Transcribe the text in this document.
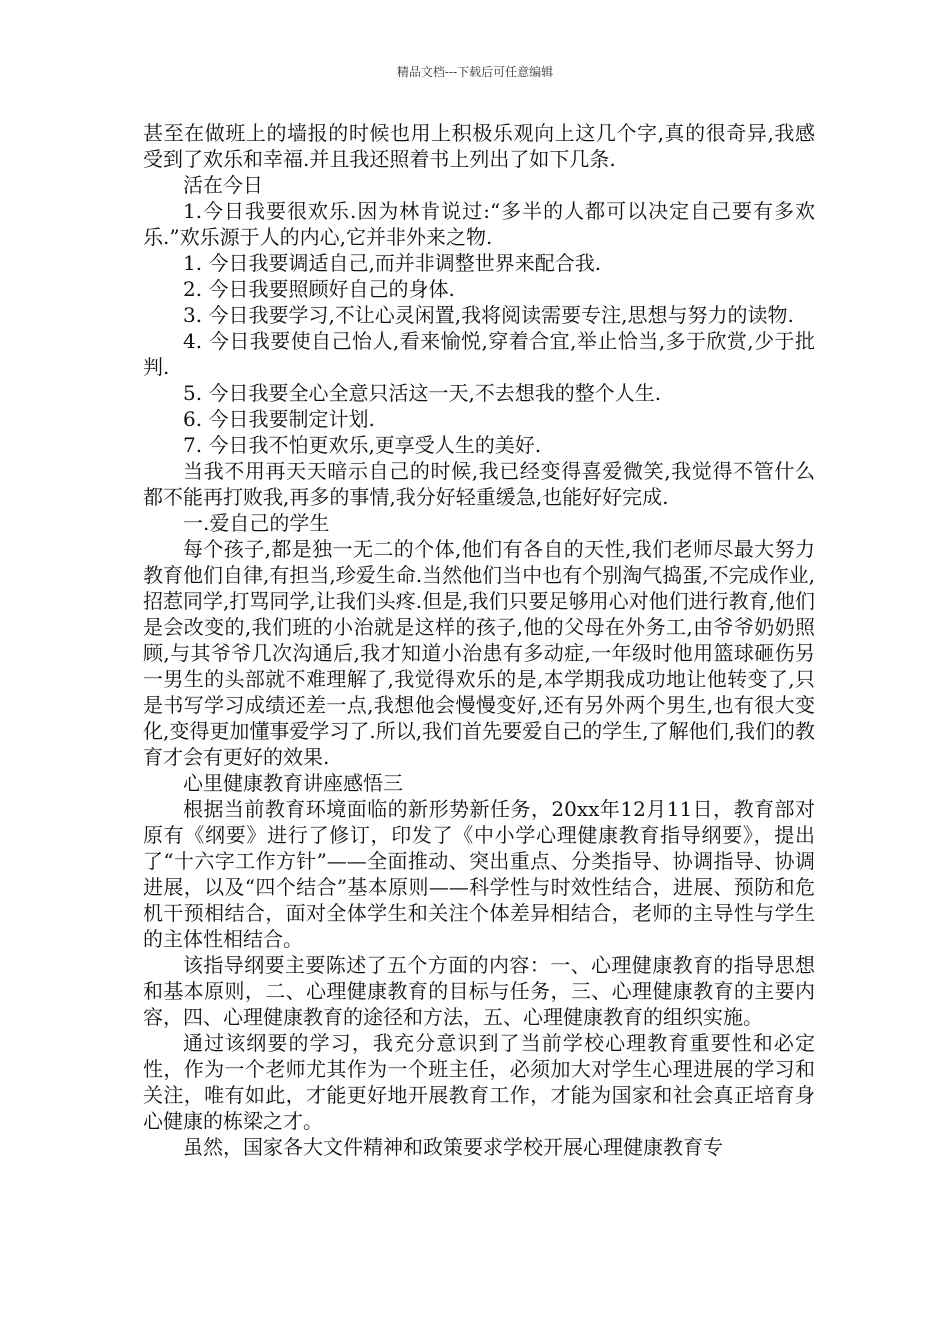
精品文档---下载后可任意编辑

甚至在做班上的墙报的时候也用上积极乐观向上这几个字,真的很奇异,我感受到了欢乐和幸福.并且我还照着书上列出了如下几条.

活在今日

1.今日我要很欢乐.因为林肯说过:“多半的人都可以决定自己要有多欢乐.”欢乐源于人的内心,它并非外来之物.

1. 今日我要调适自己,而并非调整世界来配合我.

2. 今日我要照顾好自己的身体.

3. 今日我要学习,不让心灵闲置,我将阅读需要专注,思想与努力的读物.

4. 今日我要使自己怡人,看来愉悦,穿着合宜,举止恰当,多于欣赏,少于批判.

5. 今日我要全心全意只活这一天,不去想我的整个人生.

6. 今日我要制定计划.

7. 今日我不怕更欢乐,更享受人生的美好.

当我不用再天天暗示自己的时候,我已经变得喜爱微笑,我觉得不管什么都不能再打败我,再多的事情,我分好轻重缓急,也能好好完成.

一.爱自己的学生

每个孩子,都是独一无二的个体,他们有各自的天性,我们老师尽最大努力教育他们自律,有担当,珍爱生命.当然他们当中也有个别淘气捣蛋,不完成作业,招惹同学,打骂同学,让我们头疼.但是,我们只要足够用心对他们进行教育,他们是会改变的,我们班的小治就是这样的孩子,他的父母在外务工,由爷爷奶奶照顾,与其爷爷几次沟通后,我才知道小治患有多动症,一年级时他用篮球砸伤另一男生的头部就不难理解了,我觉得欢乐的是,本学期我成功地让他转变了,只是书写学习成绩还差一点,我想他会慢慢变好,还有另外两个男生,也有很大变化,变得更加懂事爱学习了.所以,我们首先要爱自己的学生,了解他们,我们的教育才会有更好的效果.

心里健康教育讲座感悟三

根据当前教育环境面临的新形势新任务，20xx年12月11日，教育部对原有《纲要》进行了修订，印发了《中小学心理健康教育指导纲要》，提出了“十六字工作方针”——全面推动、突出重点、分类指导、协调指导、协调进展，以及“四个结合”基本原则——科学性与时效性结合，进展、预防和危机干预相结合，面对全体学生和关注个体差异相结合，老师的主导性与学生的主体性相结合。

该指导纲要主要陈述了五个方面的内容：一、心理健康教育的指导思想和基本原则，二、心理健康教育的目标与任务，三、心理健康教育的主要内容，四、心理健康教育的途径和方法，五、心理健康教育的组织实施。

通过该纲要的学习，我充分意识到了当前学校心理教育重要性和必定性，作为一个老师尤其作为一个班主任，必须加大对学生心理进展的学习和关注，唯有如此，才能更好地开展教育工作，才能为国家和社会真正培育身心健康的栋梁之才。

虽然，国家各大文件精神和政策要求学校开展心理健康教育专
